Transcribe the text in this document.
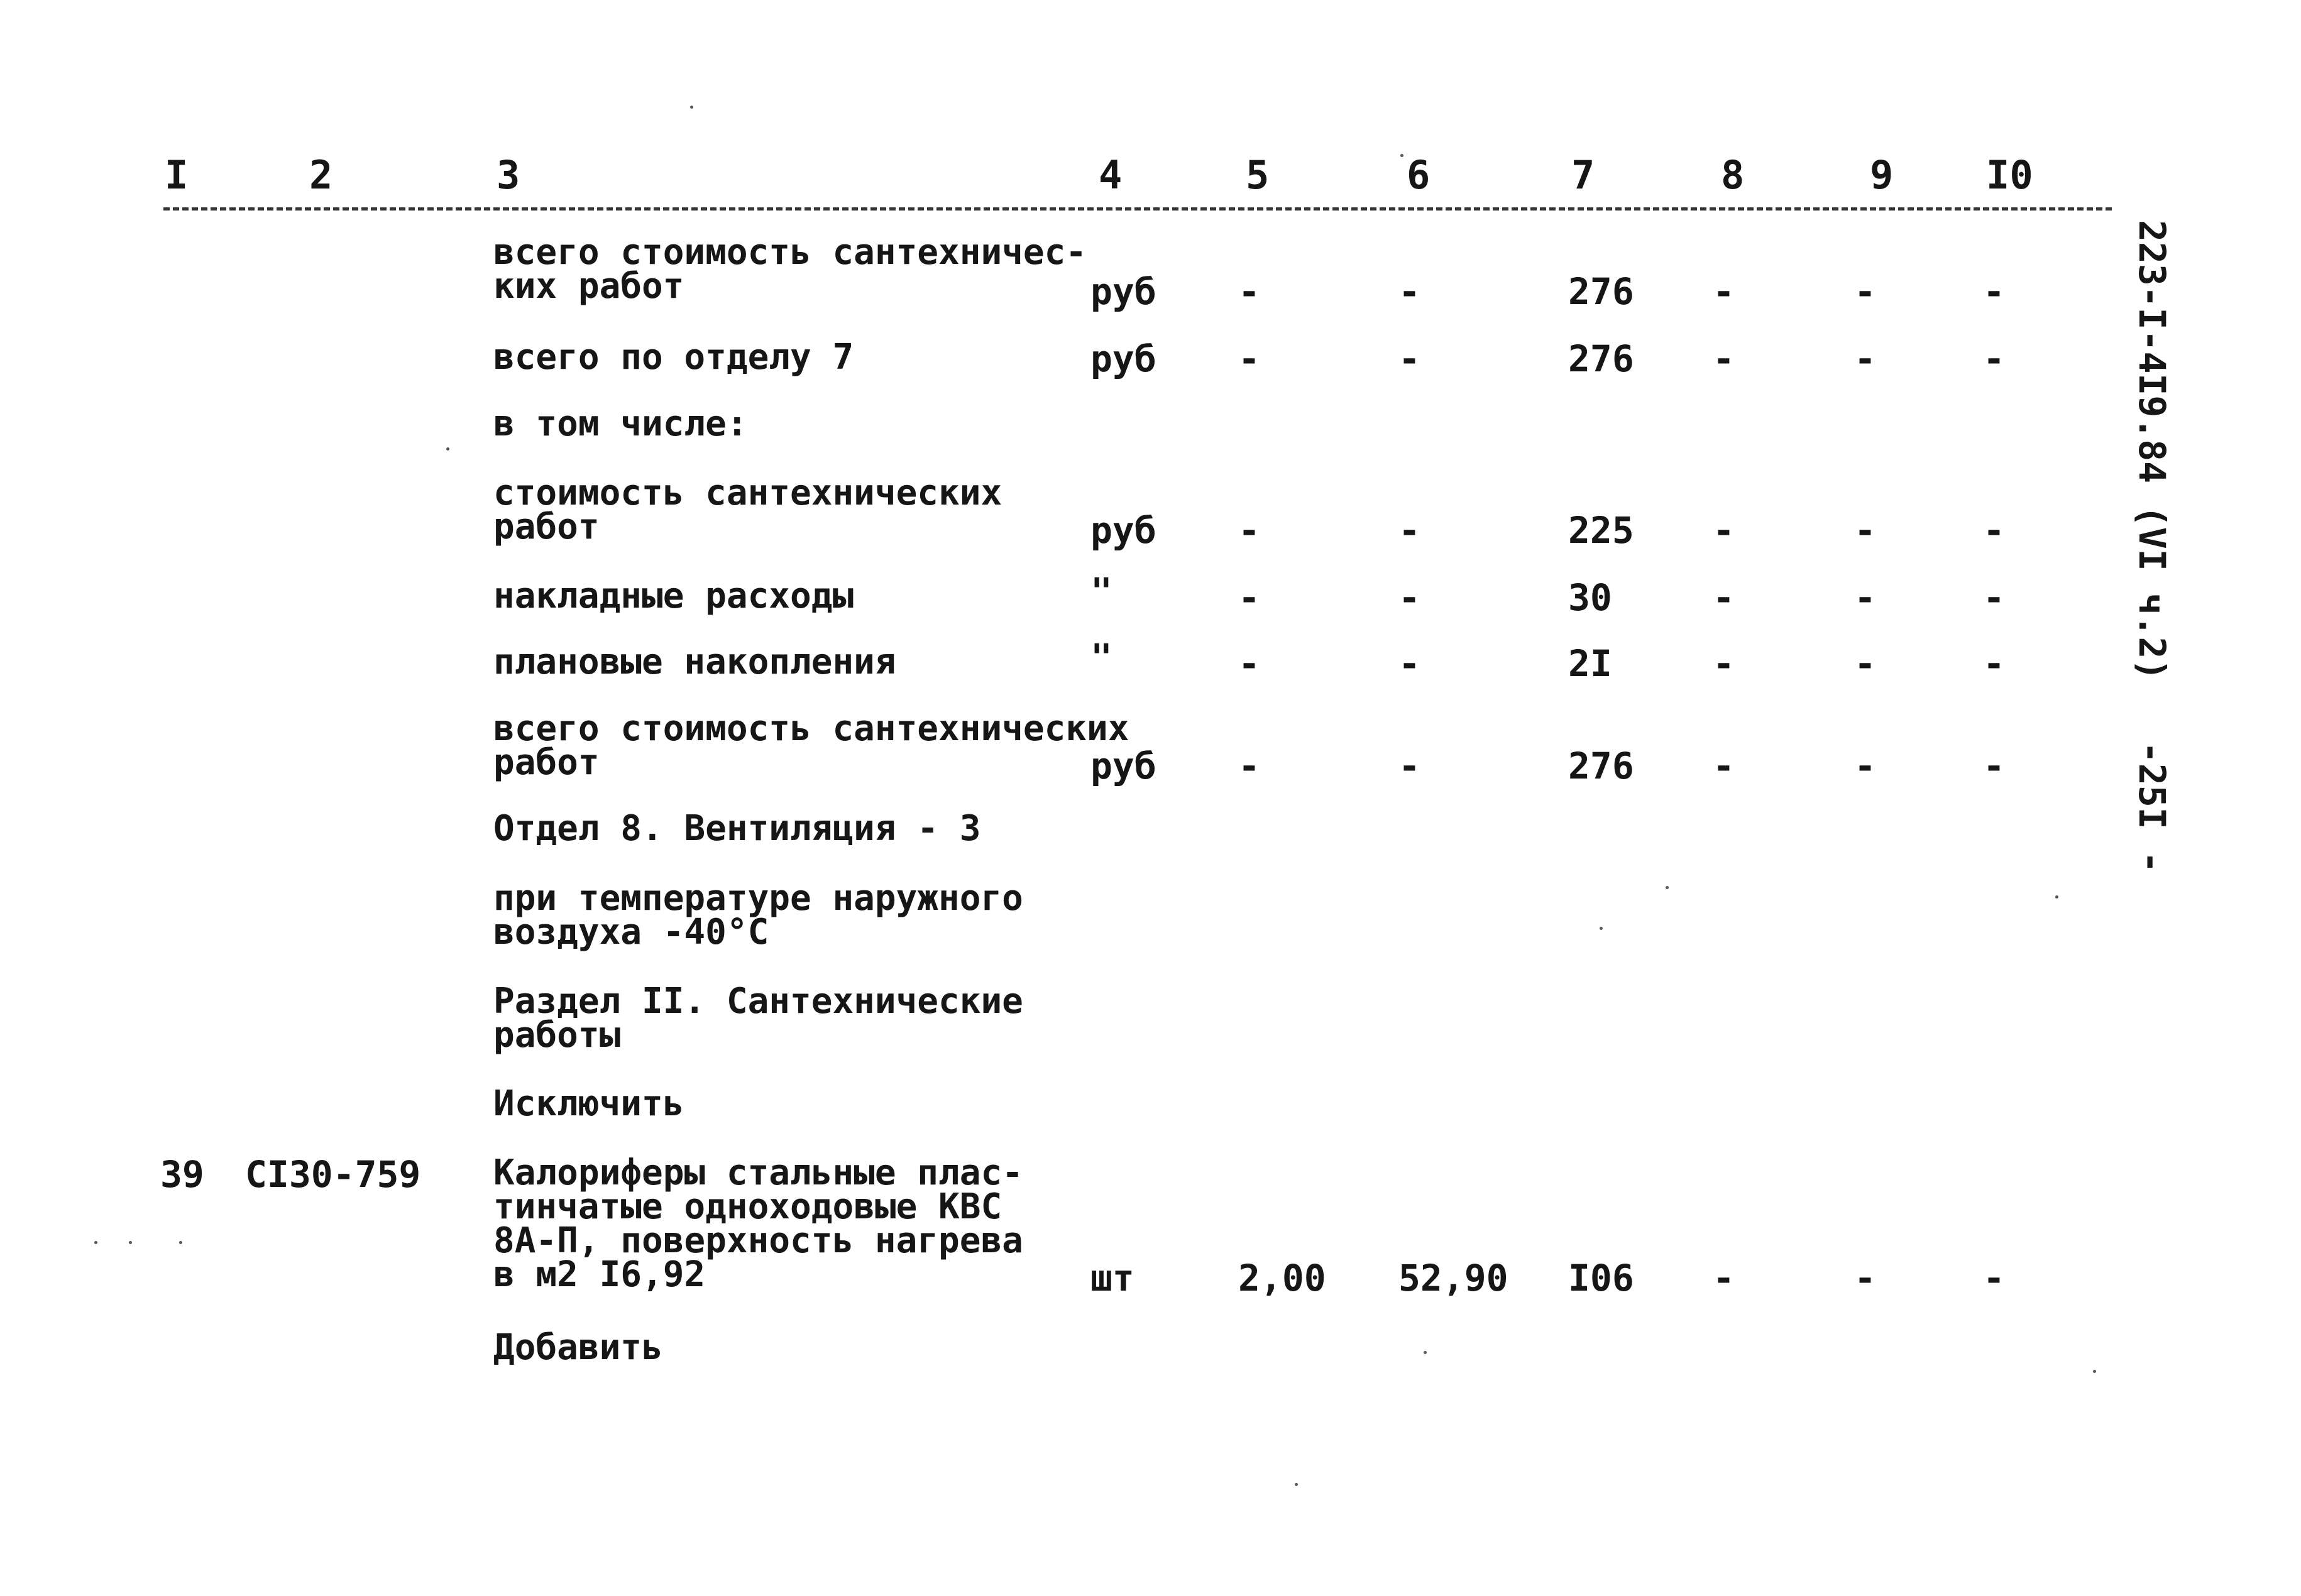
I	2	3	4	5	6	7	8	9 I0
всего стоимость сантехничес-
ких работ	руб -	-	276 -	-	-
всего по отделу 7	руб -	-	276 -	-	-
в том числе:
стоимость сантехнических
работ	руб -	-	225 -	-	-
накладные расходы	"	-	-	30	-	-	-
плановые накопления	"	-	-	2I	-	-	-
всего стоимость сантехнических
работ	руб -	-	276 -	-	-
Отдел 8. Вентиляция - 3
при температуре наружного
воздуха -40°С
Раздел II. Сантехнические
работы
Исключить
39 CI30-759 Калориферы стальные плас-
тинчатые одноходовые КВС
8А-П, поверхность нагрева
в м2 I6,92	шт	2,00 52,90 I06 -	-	-
Добавить
223-I-4I9.84 (VI ч.2)
-25I -
